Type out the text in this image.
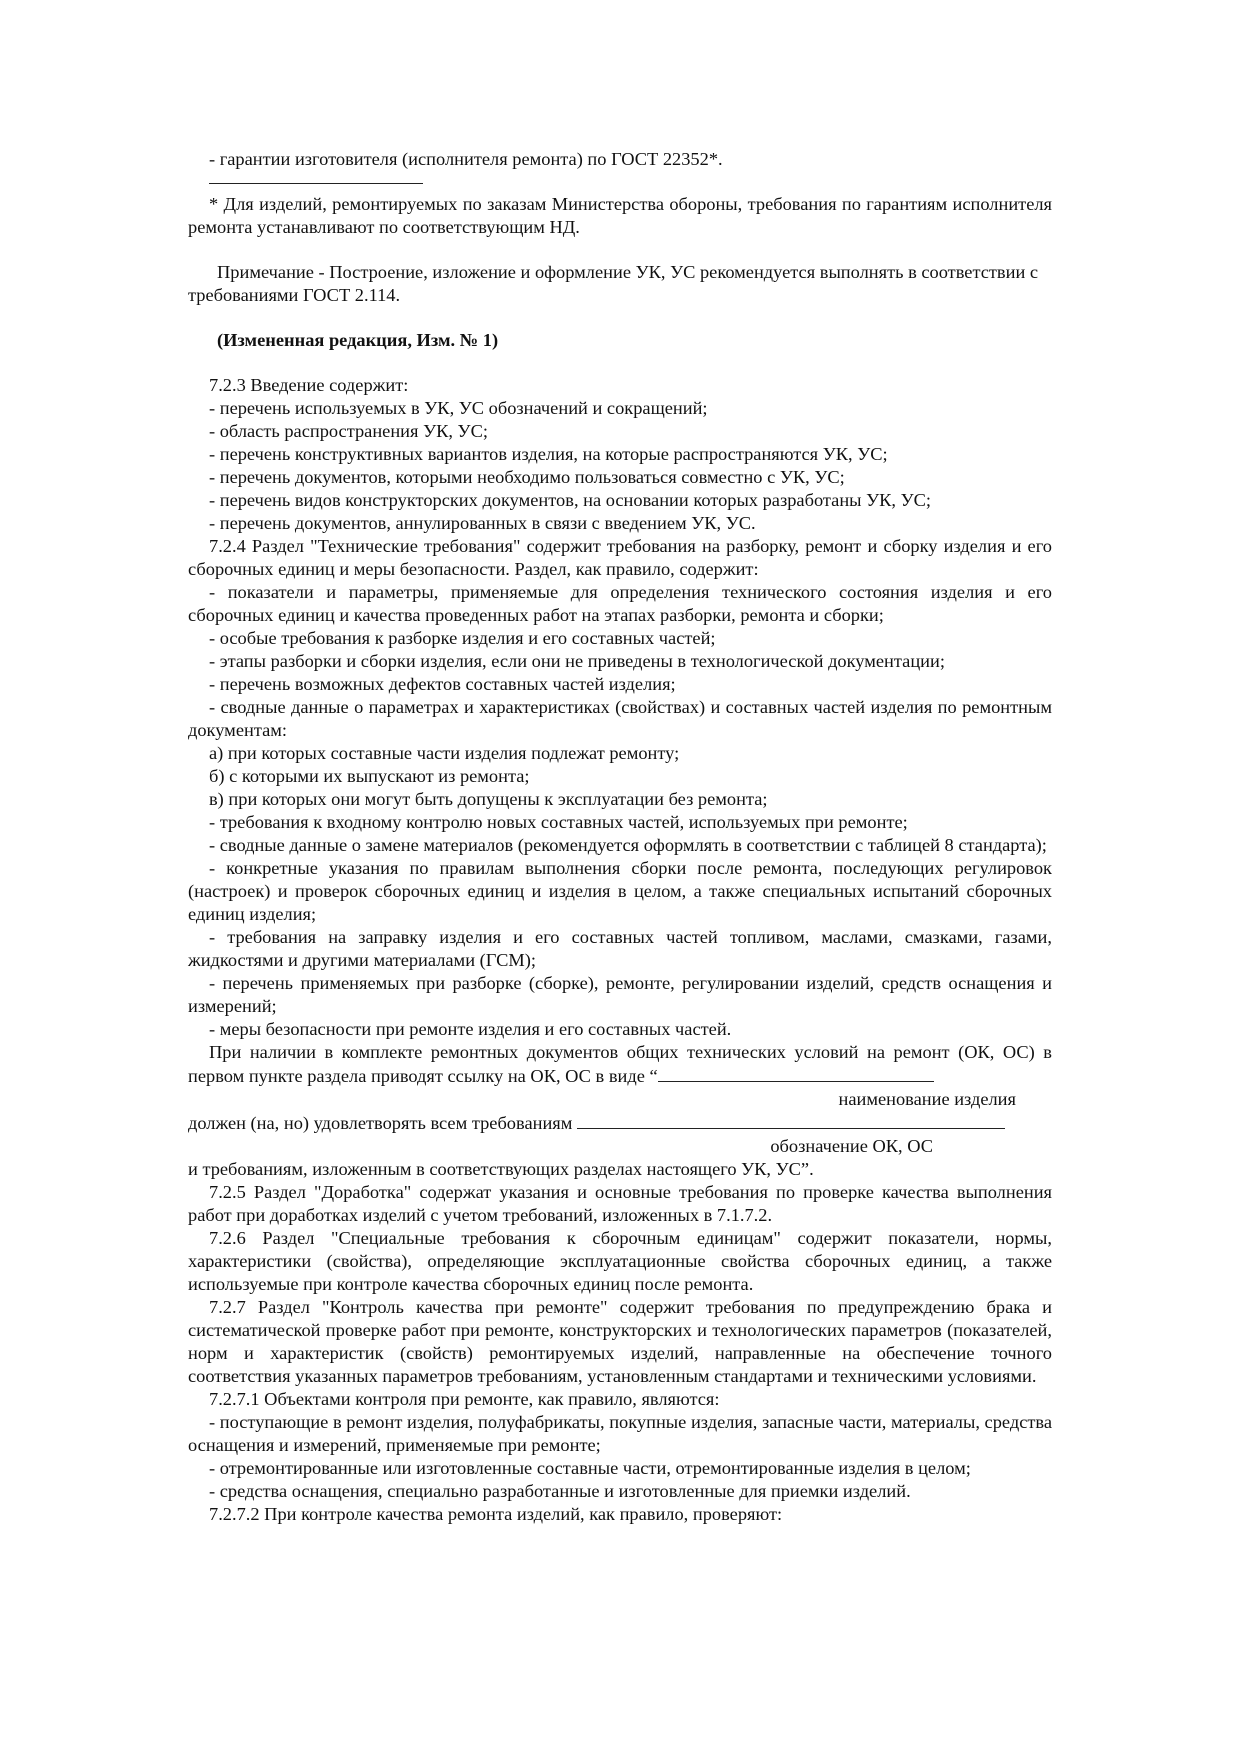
- гарантии изготовителя (исполнителя ремонта) по ГОСТ 22352*.

* Для изделий, ремонтируемых по заказам Министерства обороны, требования по гарантиям исполнителя ремонта устанавливают по соответствующим НД.

Примечание - Построение, изложение и оформление УК, УС рекомендуется выполнять в соответствии с требованиями ГОСТ 2.114.

(Измененная редакция, Изм. № 1)

7.2.3 Введение содержит:

- перечень используемых в УК, УС обозначений и сокращений;

- область распространения УК, УС;

- перечень конструктивных вариантов изделия, на которые распространяются УК, УС;

- перечень документов, которыми необходимо пользоваться совместно с УК, УС;

- перечень видов конструкторских документов, на основании которых разработаны УК, УС;

- перечень документов, аннулированных в связи с введением УК, УС.

7.2.4 Раздел "Технические требования" содержит требования на разборку, ремонт и сборку изделия и его сборочных единиц и меры безопасности. Раздел, как правило, содержит:

- показатели и параметры, применяемые для определения технического состояния изделия и его сборочных единиц и качества проведенных работ на этапах разборки, ремонта и сборки;

- особые требования к разборке изделия и его составных частей;

- этапы разборки и сборки изделия, если они не приведены в технологической документации;

- перечень возможных дефектов составных частей изделия;

- сводные данные о параметрах и характеристиках (свойствах) и составных частей изделия по ремонтным документам:

а) при которых составные части изделия подлежат ремонту;

б) с которыми их выпускают из ремонта;

в) при которых они могут быть допущены к эксплуатации без ремонта;

- требования к входному контролю новых составных частей, используемых при ремонте;

- сводные данные о замене материалов (рекомендуется оформлять в соответствии с таблицей 8 стандарта);

- конкретные указания по правилам выполнения сборки после ремонта, последующих регулировок (настроек) и проверок сборочных единиц и изделия в целом, а также специальных испытаний сборочных единиц изделия;

- требования на заправку изделия и его составных частей топливом, маслами, смазками, газами, жидкостями и другими материалами (ГСМ);

- перечень применяемых при разборке (сборке), ремонте, регулировании изделий, средств оснащения и измерений;

- меры безопасности при ремонте изделия и его составных частей.

При наличии в комплекте ремонтных документов общих технических условий на ремонт (ОК, ОС) в первом пункте раздела приводят ссылку на ОК, ОС в виде “

наименование изделия

должен (на, но) удовлетворять всем требованиям

обозначение ОК, ОС

и требованиям, изложенным в соответствующих разделах настоящего УК, УС”.

7.2.5 Раздел "Доработка" содержат указания и основные требования по проверке качества выполнения работ при доработках изделий с учетом требований, изложенных в 7.1.7.2.

7.2.6 Раздел "Специальные требования к сборочным единицам" содержит показатели, нормы, характеристики (свойства), определяющие эксплуатационные свойства сборочных единиц, а также используемые при контроле качества сборочных единиц после ремонта.

7.2.7 Раздел "Контроль качества при ремонте" содержит требования по предупреждению брака и систематической проверке работ при ремонте, конструкторских и технологических параметров (показателей, норм и характеристик (свойств) ремонтируемых изделий, направленные на обеспечение точного соответствия указанных параметров требованиям, установленным стандартами и техническими условиями.

7.2.7.1 Объектами контроля при ремонте, как правило, являются:

- поступающие в ремонт изделия, полуфабрикаты, покупные изделия, запасные части, материалы, средства оснащения и измерений, применяемые при ремонте;

- отремонтированные или изготовленные составные части, отремонтированные изделия в целом;

- средства оснащения, специально разработанные и изготовленные для приемки изделий.

7.2.7.2 При контроле качества ремонта изделий, как правило, проверяют:
